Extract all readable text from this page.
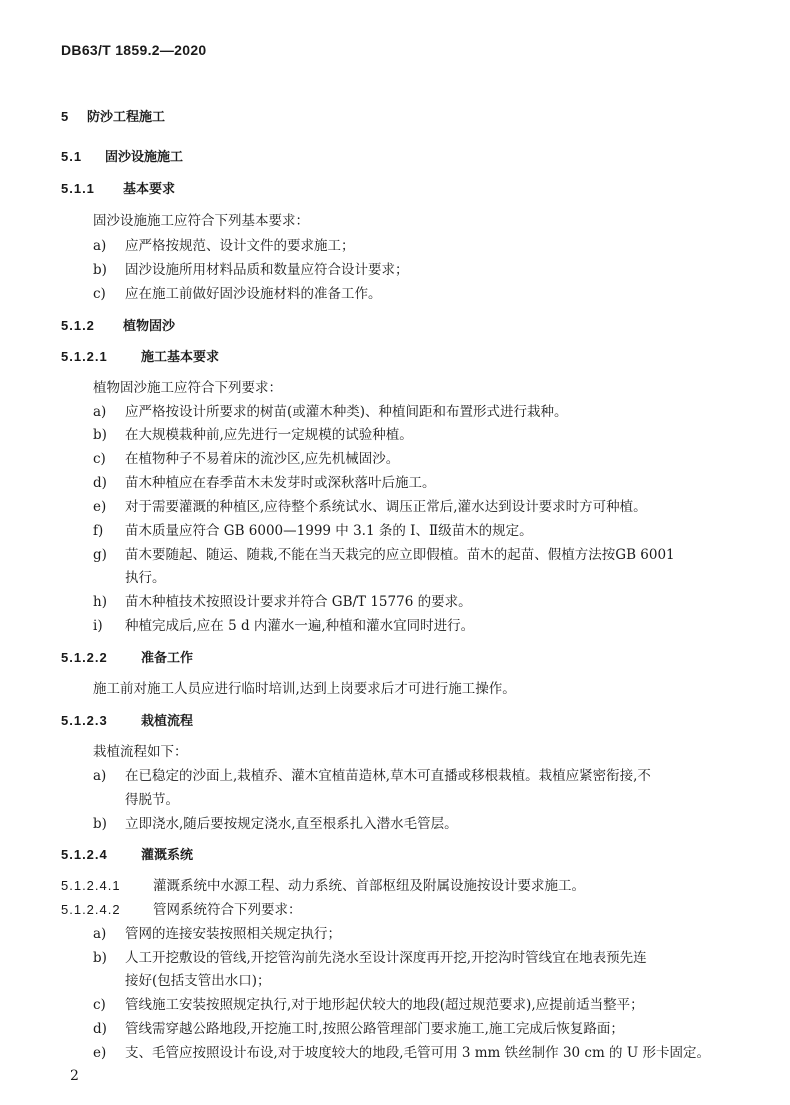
DB63/T 1859.2—2020
5 防沙工程施工
5.1 固沙设施施工
5.1.1 基本要求
固沙设施施工应符合下列基本要求：
a) 应严格按规范、设计文件的要求施工；
b) 固沙设施所用材料品质和数量应符合设计要求；
c) 应在施工前做好固沙设施材料的准备工作。
5.1.2 植物固沙
5.1.2.1	施工基本要求
植物固沙施工应符合下列要求：
a) 应严格按设计所要求的树苗(或灌木种类)、种植间距和布置形式进行栽种。
b) 在大规模栽种前,应先进行一定规模的试验种植。
c) 在植物种子不易着床的流沙区,应先机械固沙。
d) 苗木种植应在春季苗木未发芽时或深秋落叶后施工。
e) 对于需要灌溉的种植区,应待整个系统试水、调压正常后,灌水达到设计要求时方可种植。
f) 苗木质量应符合 GB 6000—1999 中 3.1 条的 Ⅰ、Ⅱ级苗木的规定。
g) 苗木要随起、随运、随栽,不能在当天栽完的应立即假植。苗木的起苗、假植方法按GB 6001
执行。
h) 苗木种植技术按照设计要求并符合 GB/T 15776 的要求。
i) 种植完成后,应在 5 d 内灌水一遍,种植和灌水宜同时进行。
5.1.2.2	准备工作
施工前对施工人员应进行临时培训,达到上岗要求后才可进行施工操作。
5.1.2.3	栽植流程
栽植流程如下：
a) 在已稳定的沙面上,栽植乔、灌木宜植苗造林,草木可直播或移根栽植。栽植应紧密衔接,不
得脱节。
b) 立即浇水,随后要按规定浇水,直至根系扎入潜水毛管层。
5.1.2.4	灌溉系统
5.1.2.4.1 灌溉系统中水源工程、动力系统、首部枢纽及附属设施按设计要求施工。
5.1.2.4.2 管网系统符合下列要求：
a) 管网的连接安装按照相关规定执行；
b) 人工开挖敷设的管线,开挖管沟前先浇水至设计深度再开挖,开挖沟时管线宜在地表预先连
接好(包括支管出水口)；
c) 管线施工安装按照规定执行,对于地形起伏较大的地段(超过规范要求),应提前适当整平；
d) 管线需穿越公路地段,开挖施工时,按照公路管理部门要求施工,施工完成后恢复路面；
e) 支、毛管应按照设计布设,对于坡度较大的地段,毛管可用 3 mm 铁丝制作 30 cm 的 U 形卡固定。
2
